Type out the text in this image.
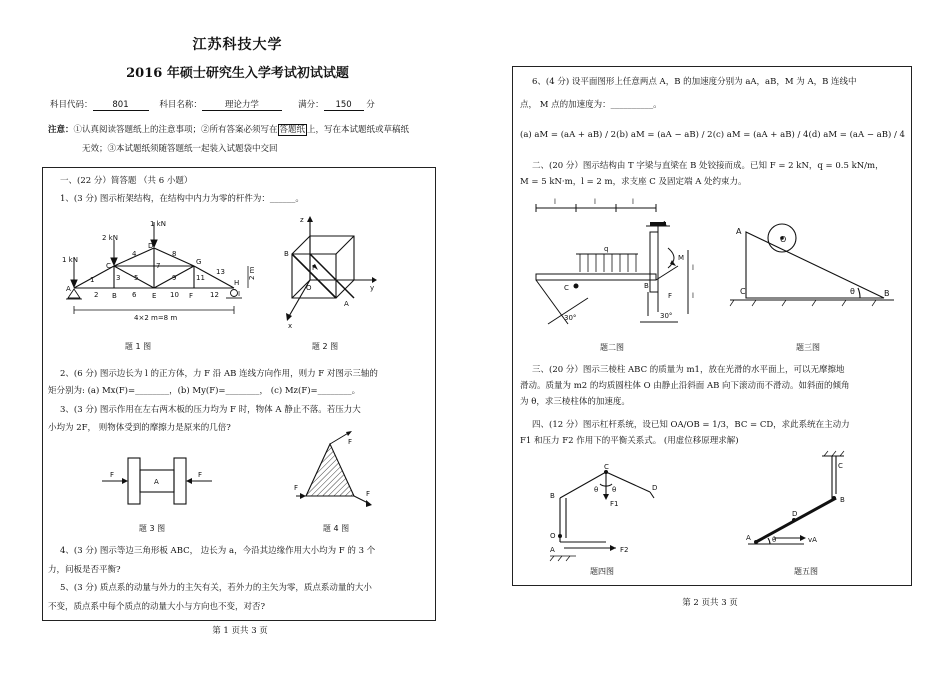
江苏科技大学
2016 年硕士研究生入学考试初试试题
科目代码： 801	科目名称：	理论力学	满分： 150 分
注意：①认真阅读答题纸上的注意事项；②所有答案必须写在 答题纸 上，写在本试题纸或草稿纸
无效；③本试题纸须随答题纸一起装入试题袋中交回
一、(22 分）简答题 （共 6 小题）
1、(3 分) 图示桁架结构，在结构中内力为零的杆件为：______。
1 kN
2 kN
1 kN
A
B
C
D
E	F
G
H
I
1
2
3
4
5
6
7
8
9
10
11
12
13
4×2 m=8 m
2 m
题 1 图
z
B
F
A
O	y
x
题 2 图
2、(6 分) 图示边长为 l 的正方体，力 F 沿 AB 连线方向作用，则力 F 对图示三轴的
矩分别为: (a) Mx(F)=________，(b) My(F)=________， (c) Mz(F)=________。
3、(3 分) 图示作用在左右两木板的压力均为 F 时，物体 A 静止不落。若压力大
小均为 2F， 则物体受到的摩擦力是原来的几倍?
F
A
F
题 3 图
F
F
F
题 4 图
4、(3 分) 图示等边三角形板 ABC， 边长为 a，今沿其边缘作用大小均为 F 的 3 个
力，问板是否平衡?
5、(3 分) 质点系的动量与外力的主矢有关，若外力的主矢为零，质点系动量的大小
不变，质点系中每个质点的动量大小与方向也不变，对否?
第 1 页共 3 页
6、(4 分) 设平面图形上任意两点 A，B 的加速度分别为 aA，aB，M 为 A，B 连线中
点， M 点的加速度为：__________。
(a) aM = (aA + aB) / 2 (b) aM = (aA − aB) / 2 (c) aM = (aA + aB) / 4 (d) aM = (aA − aB) / 4
二、(20 分）图示结构由 T 字梁与直梁在 B 处铰接而成。已知 F = 2 kN，q = 0.5 kN/m，
M = 5 kN·m，l = 2 m，求支座 C 及固定端 A 处约束力。
l	l	l
q
M
F
C
A
B
30°
l
l
30°
题二图
A
O
C	θ	B
题三图
三、(20 分）图示三棱柱 ABC 的质量为 m1，放在光滑的水平面上，可以无摩擦地
滑动。质量为 m2 的均质圆柱体 O 由静止沿斜面 AB 向下滚动而不滑动。如斜面的倾角
为 θ，求三棱柱体的加速度。
四、(12 分）图示杠杆系统，设已知 OA/OB = 1/3，BC = CD，求此系统在主动力
F1 和压力 F2 作用下的平衡关系式。 (用虚位移原理求解)
B
C
θ θ	D
F1
O
A	F2
题四图
C
B
D
A	θ	vA
题五图
第 2 页共 3 页
